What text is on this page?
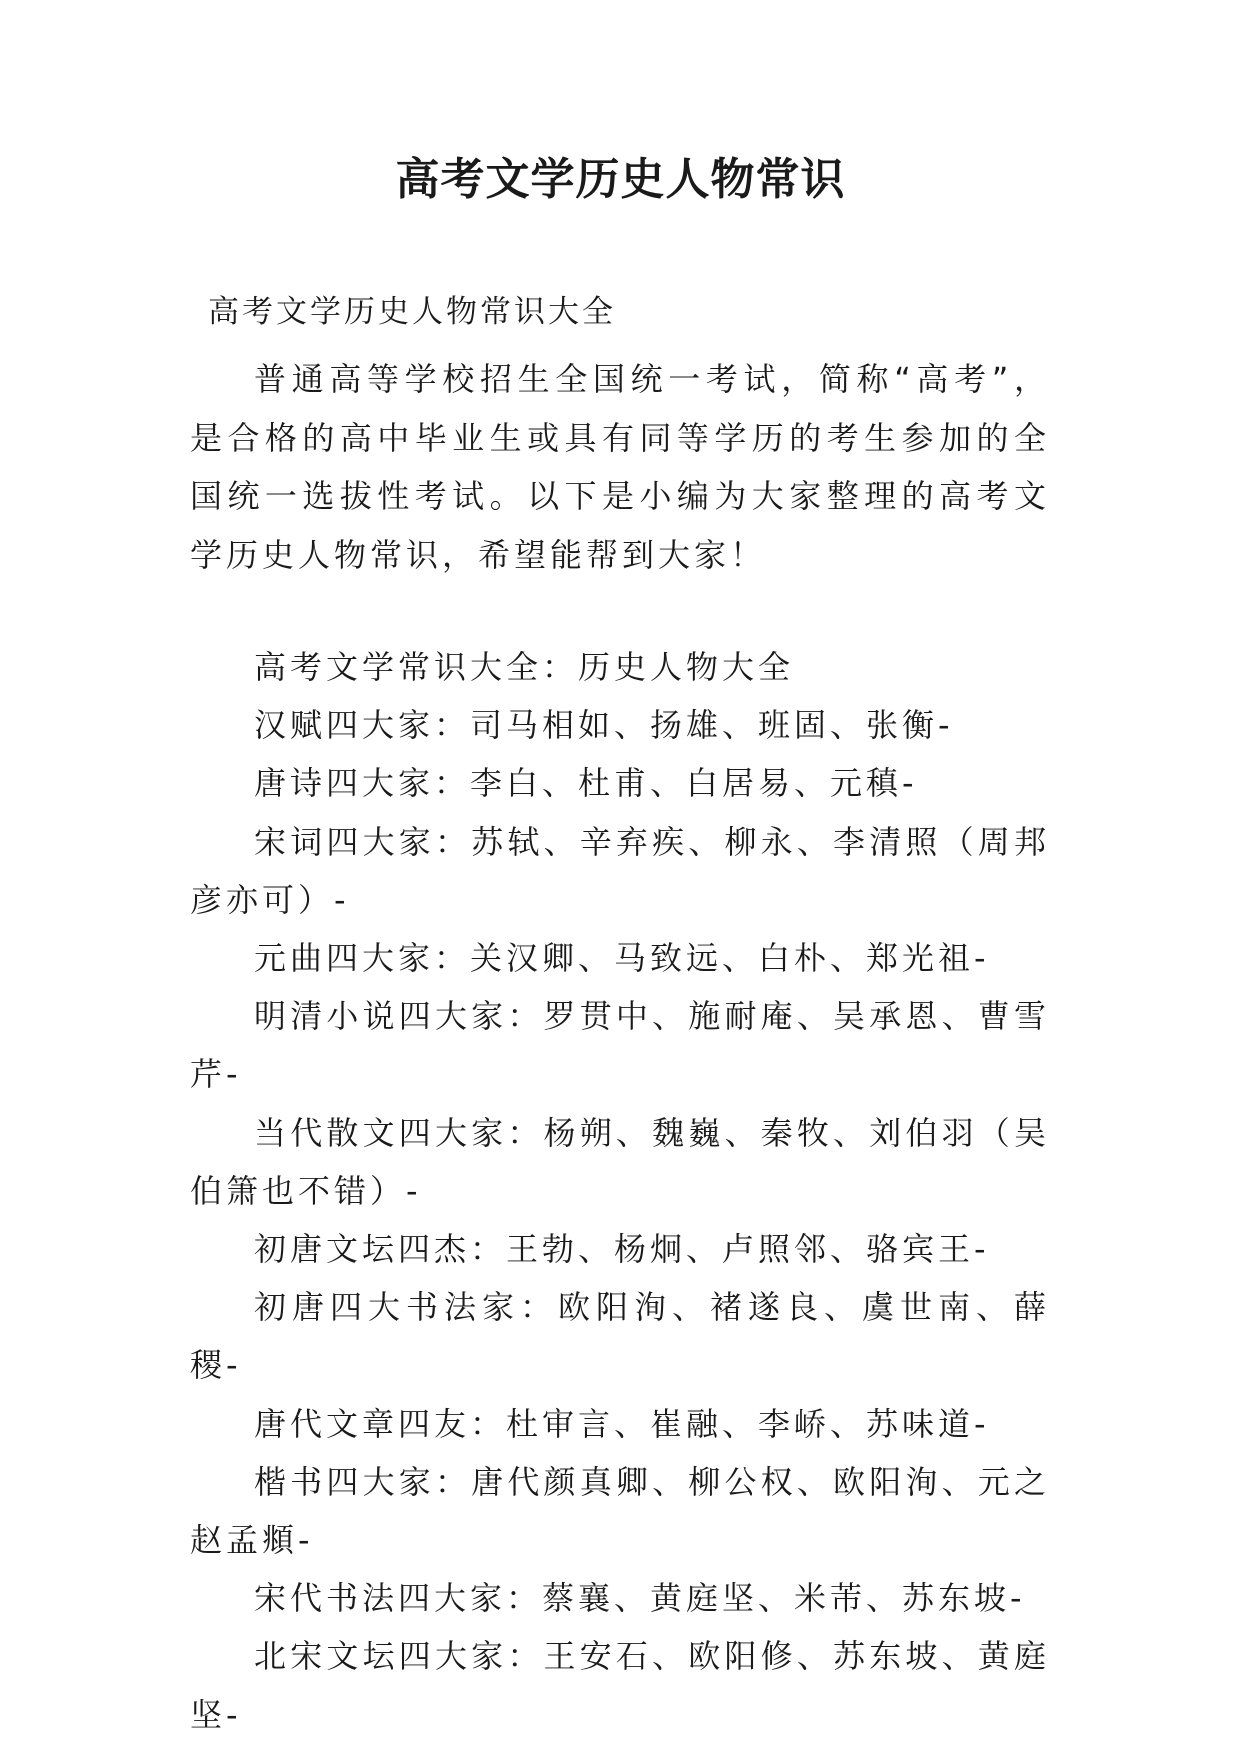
高考文学历史人物常识
高考文学历史人物常识大全

普通高等学校招生全国统一考试，简称“高考”，是合格的高中毕业生或具有同等学历的考生参加的全国统一选拔性考试。以下是小编为大家整理的高考文学历史人物常识，希望能帮到大家！

高考文学常识大全：历史人物大全

汉赋四大家：司马相如、扬雄、班固、张衡-

唐诗四大家：李白、杜甫、白居易、元稹-

宋词四大家：苏轼、辛弃疾、柳永、李清照（周邦彦亦可）-

元曲四大家：关汉卿、马致远、白朴、郑光祖-

明清小说四大家：罗贯中、施耐庵、吴承恩、曹雪芹-

当代散文四大家：杨朔、魏巍、秦牧、刘伯羽（吴伯箫也不错）-

初唐文坛四杰：王勃、杨炯、卢照邻、骆宾王-

初唐四大书法家：欧阳洵、褚遂良、虞世南、薛稷-

唐代文章四友：杜审言、崔融、李峤、苏味道-

楷书四大家：唐代颜真卿、柳公权、欧阳洵、元之赵孟頫-

宋代书法四大家：蔡襄、黄庭坚、米芾、苏东坡-

北宋文坛四大家：王安石、欧阳修、苏东坡、黄庭坚-
